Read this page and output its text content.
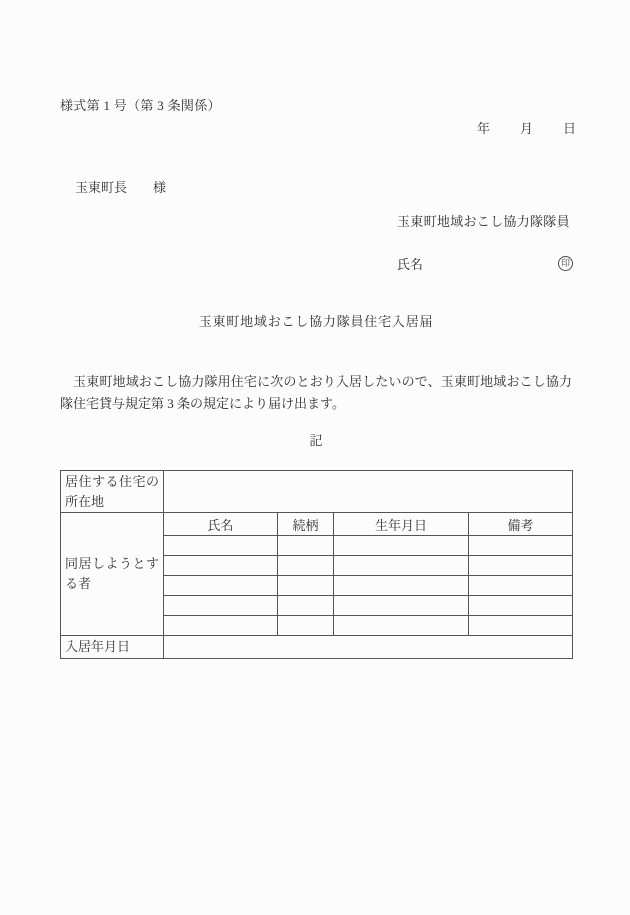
様式第 1 号（第 3 条関係）
年 月 日
玉東町長　　様
玉東町地域おこし協力隊隊員
氏名	印
玉東町地域おこし協力隊員住宅入居届
　玉東町地域おこし協力隊用住宅に次のとおり入居したいので、玉東町地域おこし協力隊住宅貸与規定第 3 条の規定により届け出ます。
記
居住する住宅の所在地				
同居しようとする者	氏名	続柄	生年月日	備考

入居年月日				
